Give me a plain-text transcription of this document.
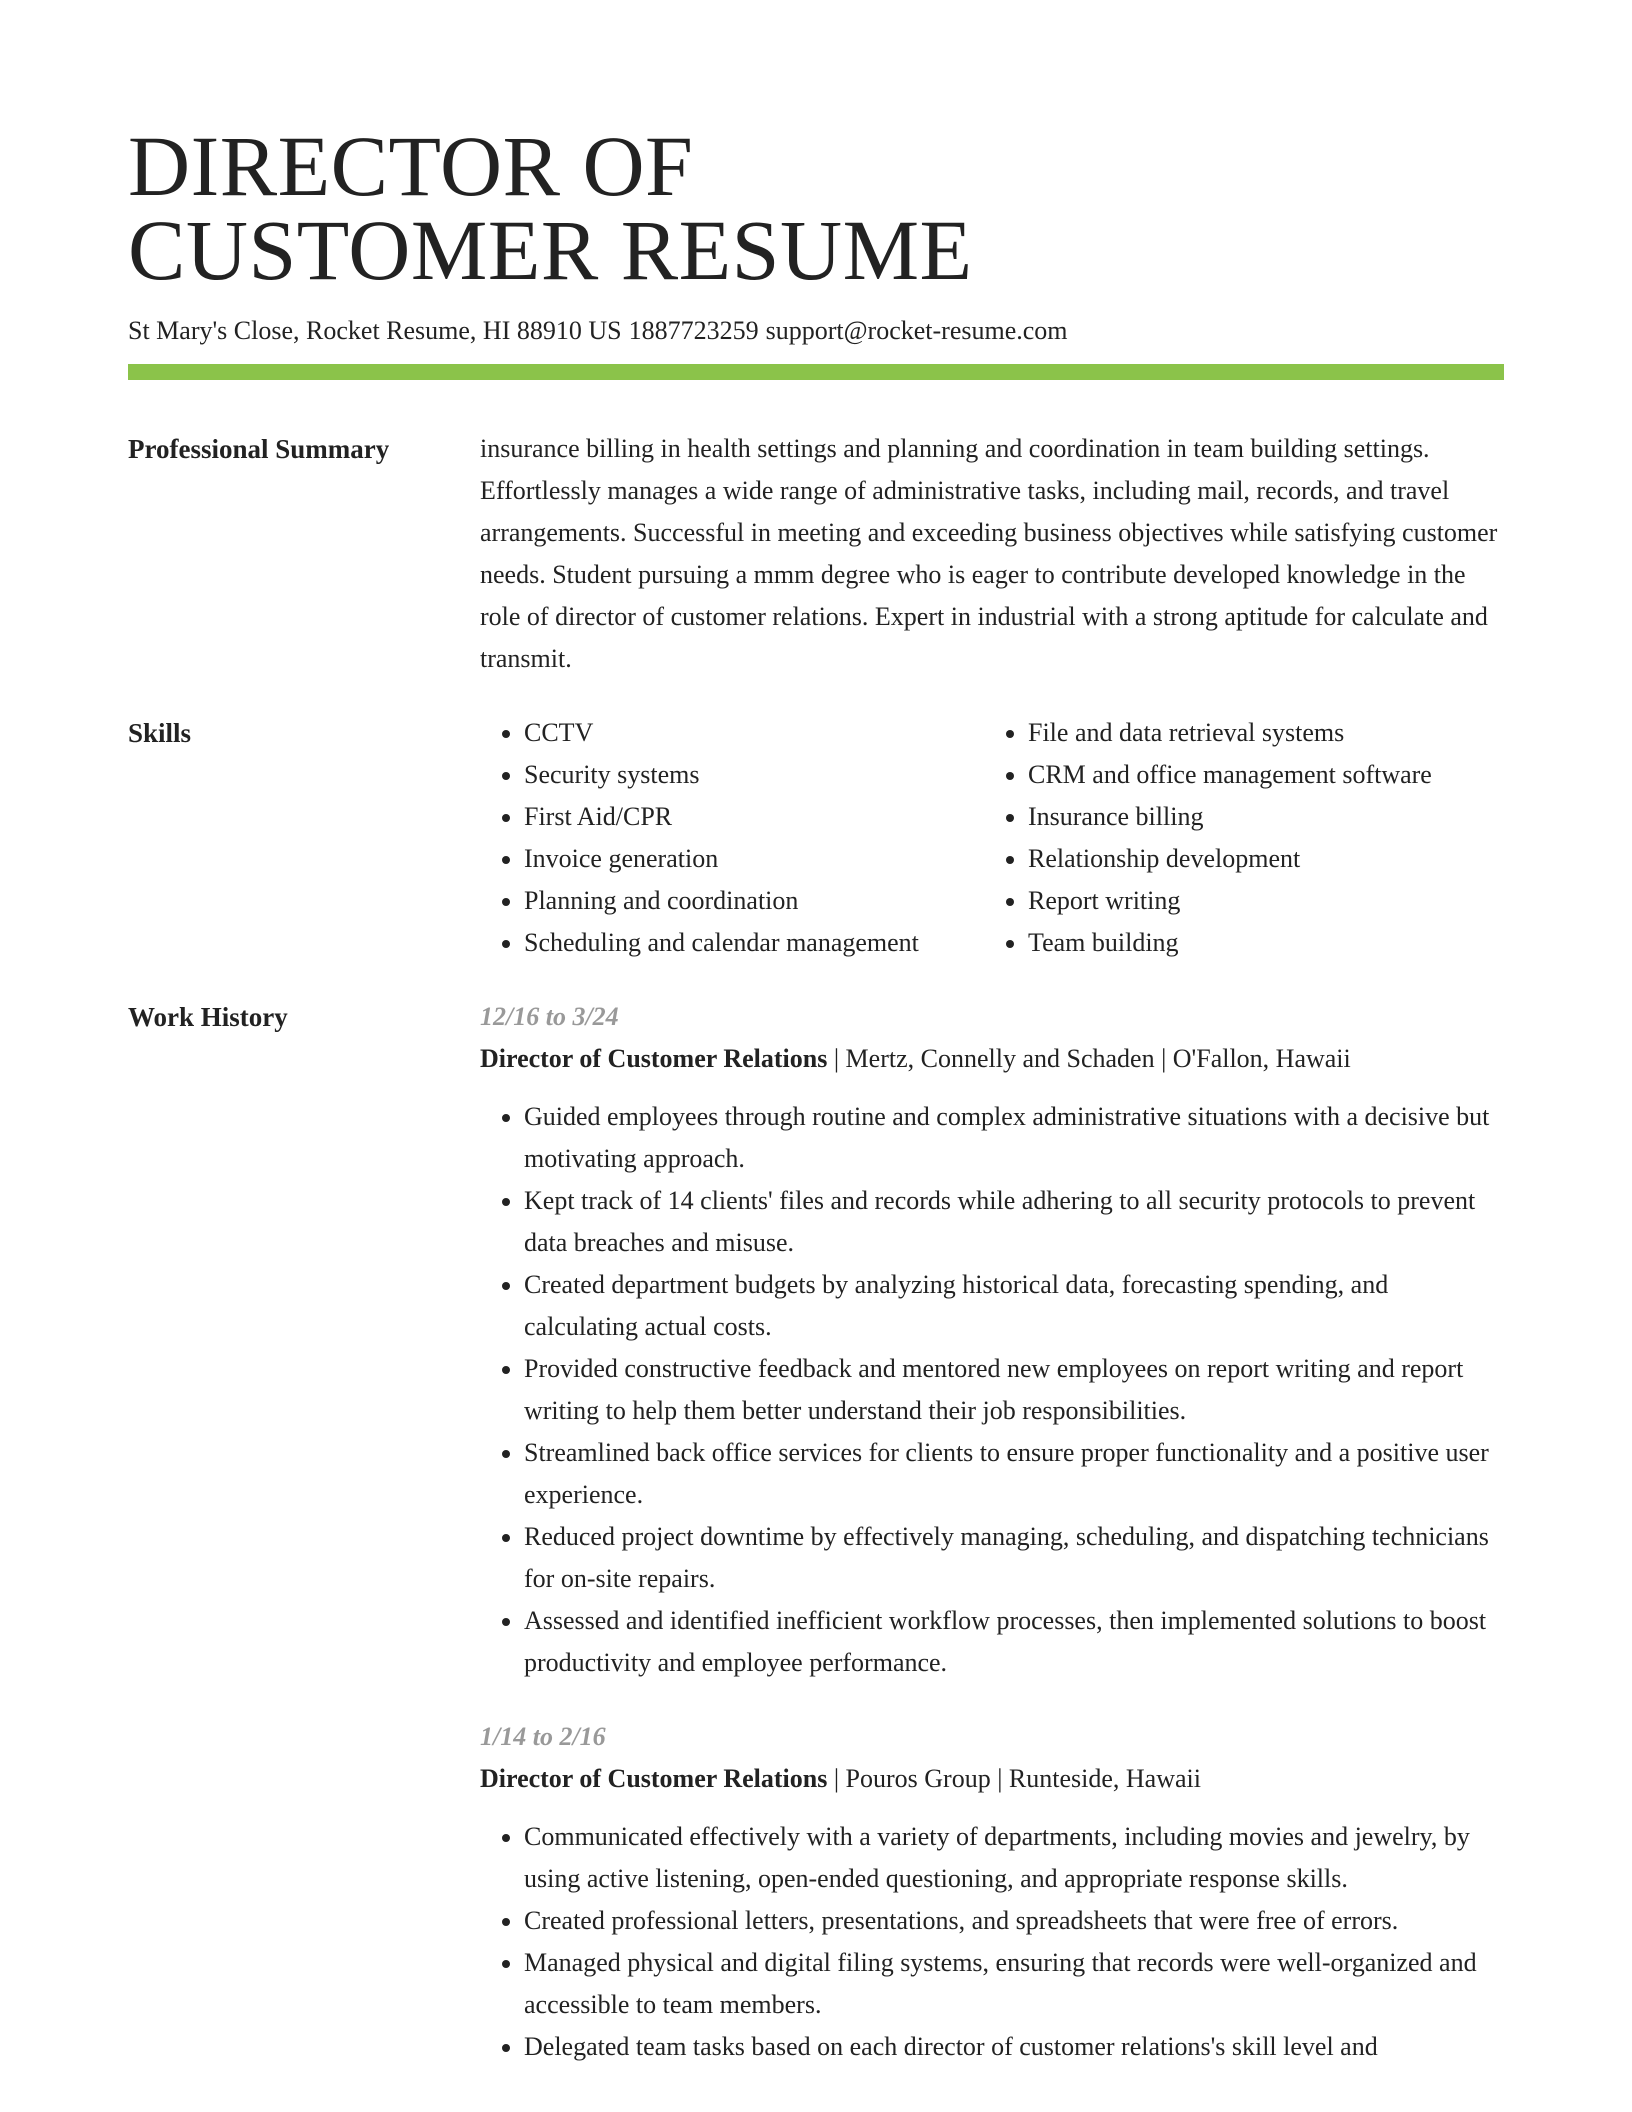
DIRECTOR OF
CUSTOMER RESUME
St Mary's Close, Rocket Resume, HI 88910 US 1887723259 support@rocket-resume.com
Professional Summary	insurance billing in health settings and planning and coordination in team building settings. Effortlessly manages a wide range of administrative tasks, including mail, records, and travel arrangements. Successful in meeting and exceeding business objectives while satisfying customer needs. Student pursuing a mmm degree who is eager to contribute developed knowledge in the role of director of customer relations. Expert in industrial with a strong aptitude for calculate and transmit.
Skills
•	CCTV
• Security systems
• First Aid/CPR
• Invoice generation
• Planning and coordination
• Scheduling and calendar management
• File and data retrieval systems
• CRM and office management software
• Insurance billing
• Relationship development
• Report writing
• Team building
Work History	12/16 to 3/24
Director of Customer Relations | Mertz, Connelly and Schaden | O'Fallon, Hawaii
• Guided employees through routine and complex administrative situations with a decisive but motivating approach.
• Kept track of 14 clients' files and records while adhering to all security protocols to prevent data breaches and misuse.
• Created department budgets by analyzing historical data, forecasting spending, and calculating actual costs.
• Provided constructive feedback and mentored new employees on report writing and report writing to help them better understand their job responsibilities.
• Streamlined back office services for clients to ensure proper functionality and a positive user experience.
• Reduced project downtime by effectively managing, scheduling, and dispatching technicians for on-site repairs.
• Assessed and identified inefficient workflow processes, then implemented solutions to boost productivity and employee performance.
1/14 to 2/16
Director of Customer Relations | Pouros Group | Runteside, Hawaii
• Communicated effectively with a variety of departments, including movies and jewelry, by using active listening, open-ended questioning, and appropriate response skills.
• Created professional letters, presentations, and spreadsheets that were free of errors.
• Managed physical and digital filing systems, ensuring that records were well-organized and accessible to team members.
• Delegated team tasks based on each director of customer relations's skill level and
